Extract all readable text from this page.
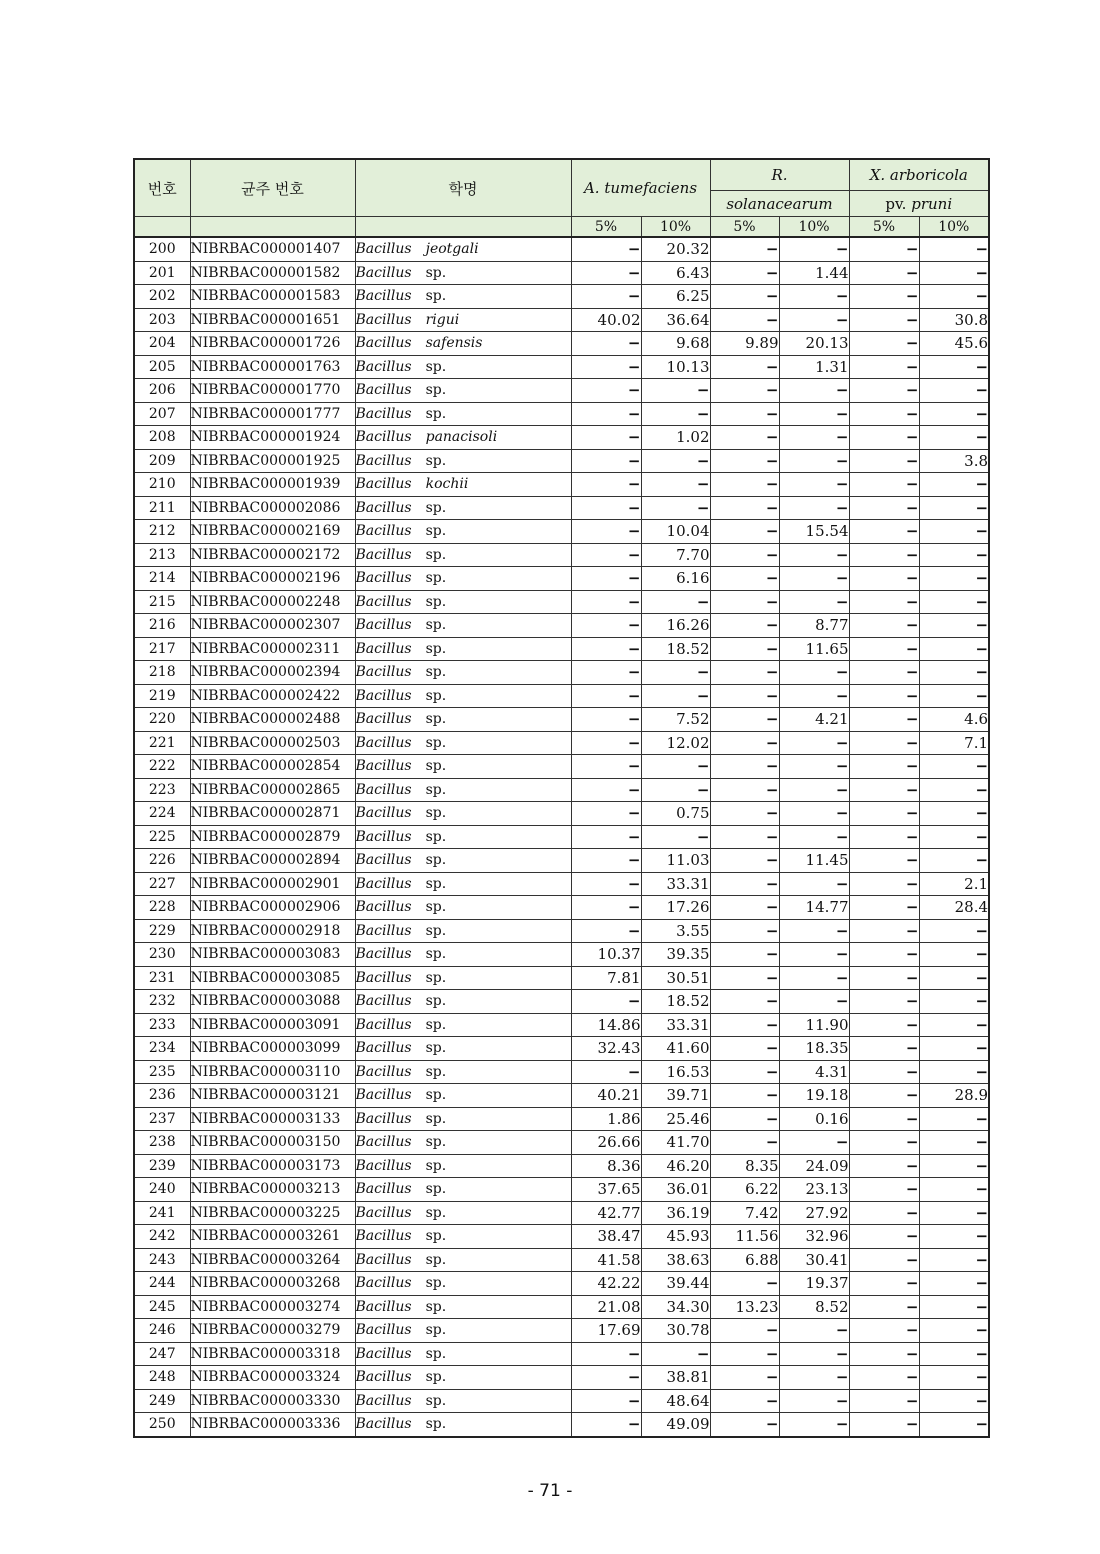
번호	균주 번호	학명	A. tumefaciens		R.		X. arboricola	
					solanacearum		pv. pruni	
			5%	10%	5%	10%	5%	10%
200	NIBRBAC000001407	Bacillus jeotgali	−	20.32	−	−	−	−
201	NIBRBAC000001582	Bacillus sp.	−	6.43	−	1.44	−	−
202	NIBRBAC000001583	Bacillus sp.	−	6.25	−	−	−	−
203	NIBRBAC000001651	Bacillus rigui	40.02	36.64	−	−	−	30.8
204	NIBRBAC000001726	Bacillus safensis	−	9.68	9.89	20.13	−	45.6
205	NIBRBAC000001763	Bacillus sp.	−	10.13	−	1.31	−	−
206	NIBRBAC000001770	Bacillus sp.	−	−	−	−	−	−
207	NIBRBAC000001777	Bacillus sp.	−	−	−	−	−	−
208	NIBRBAC000001924	Bacillus panacisoli	−	1.02	−	−	−	−
209	NIBRBAC000001925	Bacillus sp.	−	−	−	−	−	3.8
210	NIBRBAC000001939	Bacillus kochii	−	−	−	−	−	−
211	NIBRBAC000002086	Bacillus sp.	−	−	−	−	−	−
212	NIBRBAC000002169	Bacillus sp.	−	10.04	−	15.54	−	−
213	NIBRBAC000002172	Bacillus sp.	−	7.70	−	−	−	−
214	NIBRBAC000002196	Bacillus sp.	−	6.16	−	−	−	−
215	NIBRBAC000002248	Bacillus sp.	−	−	−	−	−	−
216	NIBRBAC000002307	Bacillus sp.	−	16.26	−	8.77	−	−
217	NIBRBAC000002311	Bacillus sp.	−	18.52	−	11.65	−	−
218	NIBRBAC000002394	Bacillus sp.	−	−	−	−	−	−
219	NIBRBAC000002422	Bacillus sp.	−	−	−	−	−	−
220	NIBRBAC000002488	Bacillus sp.	−	7.52	−	4.21	−	4.6
221	NIBRBAC000002503	Bacillus sp.	−	12.02	−	−	−	7.1
222	NIBRBAC000002854	Bacillus sp.	−	−	−	−	−	−
223	NIBRBAC000002865	Bacillus sp.	−	−	−	−	−	−
224	NIBRBAC000002871	Bacillus sp.	−	0.75	−	−	−	−
225	NIBRBAC000002879	Bacillus sp.	−	−	−	−	−	−
226	NIBRBAC000002894	Bacillus sp.	−	11.03	−	11.45	−	−
227	NIBRBAC000002901	Bacillus sp.	−	33.31	−	−	−	2.1
228	NIBRBAC000002906	Bacillus sp.	−	17.26	−	14.77	−	28.4
229	NIBRBAC000002918	Bacillus sp.	−	3.55	−	−	−	−
230	NIBRBAC000003083	Bacillus sp.	10.37	39.35	−	−	−	−
231	NIBRBAC000003085	Bacillus sp.	7.81	30.51	−	−	−	−
232	NIBRBAC000003088	Bacillus sp.	−	18.52	−	−	−	−
233	NIBRBAC000003091	Bacillus sp.	14.86	33.31	−	11.90	−	−
234	NIBRBAC000003099	Bacillus sp.	32.43	41.60	−	18.35	−	−
235	NIBRBAC000003110	Bacillus sp.	−	16.53	−	4.31	−	−
236	NIBRBAC000003121	Bacillus sp.	40.21	39.71	−	19.18	−	28.9
237	NIBRBAC000003133	Bacillus sp.	1.86	25.46	−	0.16	−	−
238	NIBRBAC000003150	Bacillus sp.	26.66	41.70	−	−	−	−
239	NIBRBAC000003173	Bacillus sp.	8.36	46.20	8.35	24.09	−	−
240	NIBRBAC000003213	Bacillus sp.	37.65	36.01	6.22	23.13	−	−
241	NIBRBAC000003225	Bacillus sp.	42.77	36.19	7.42	27.92	−	−
242	NIBRBAC000003261	Bacillus sp.	38.47	45.93	11.56	32.96	−	−
243	NIBRBAC000003264	Bacillus sp.	41.58	38.63	6.88	30.41	−	−
244	NIBRBAC000003268	Bacillus sp.	42.22	39.44	−	19.37	−	−
245	NIBRBAC000003274	Bacillus sp.	21.08	34.30	13.23	8.52	−	−
246	NIBRBAC000003279	Bacillus sp.	17.69	30.78	−	−	−	−
247	NIBRBAC000003318	Bacillus sp.	−	−	−	−	−	−
248	NIBRBAC000003324	Bacillus sp.	−	38.81	−	−	−	−
249	NIBRBAC000003330	Bacillus sp.	−	48.64	−	−	−	−
250	NIBRBAC000003336	Bacillus sp.	−	49.09	−	−	−	−
- 71 -
